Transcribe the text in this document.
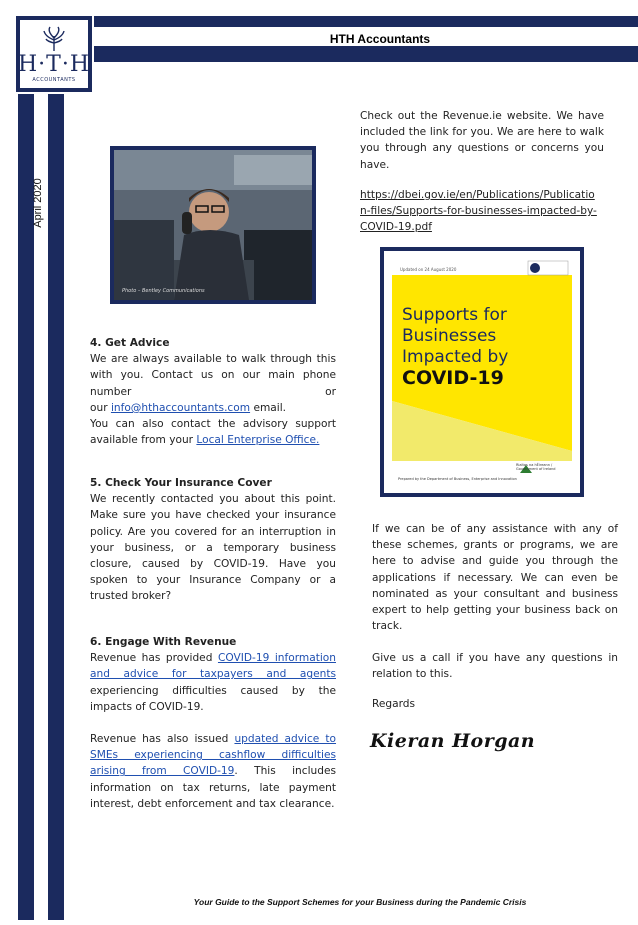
H·T·H
ACCOUNTANTS
HTH Accountants
April 2020
Photo – Bentley Communications
4. Get Advice
We are always available to walk through this with you. Contact us on our main phone number	or
our info@hthaccountants.com email.
You can also contact the advisory support available from your Local Enterprise Office.
5. Check Your Insurance Cover
We recently contacted you about this point. Make sure you have checked your insurance policy. Are you covered for an interruption in your business, or a temporary business closure, caused by COVID-19. Have you spoken to your Insurance Company or a trusted broker?
6. Engage With Revenue
Revenue has provided COVID-19 information and advice for taxpayers and agents experiencing difficulties caused by the impacts of COVID-19.
Revenue has also issued updated advice to SMEs experiencing cashflow difficulties arising from COVID-19. This includes information on tax returns, late payment interest, debt enforcement and tax clearance.
Check out the Revenue.ie website. We have included the link for you. We are here to walk you through any questions or concerns you have.
https://dbei.gov.ie/en/Publications/Publicatio
n-files/Supports-for-businesses-impacted-by-
COVID-19.pdf
Updated on 24 August 2020
Supports for
Businesses
Impacted by
COVID-19
Prepared by the Department of Business, Enterprise and Innovation
Rialtas na hÉireann / Government of Ireland
If we can be of any assistance with any of these schemes, grants or programs, we are here to advise and guide you through the applications if necessary. We can even be nominated as your consultant and business expert to help getting your business back on track.
Give us a call if you have any questions in relation to this.
Regards
Kieran Horgan
Your Guide to the Support Schemes for your Business during the Pandemic Crisis
